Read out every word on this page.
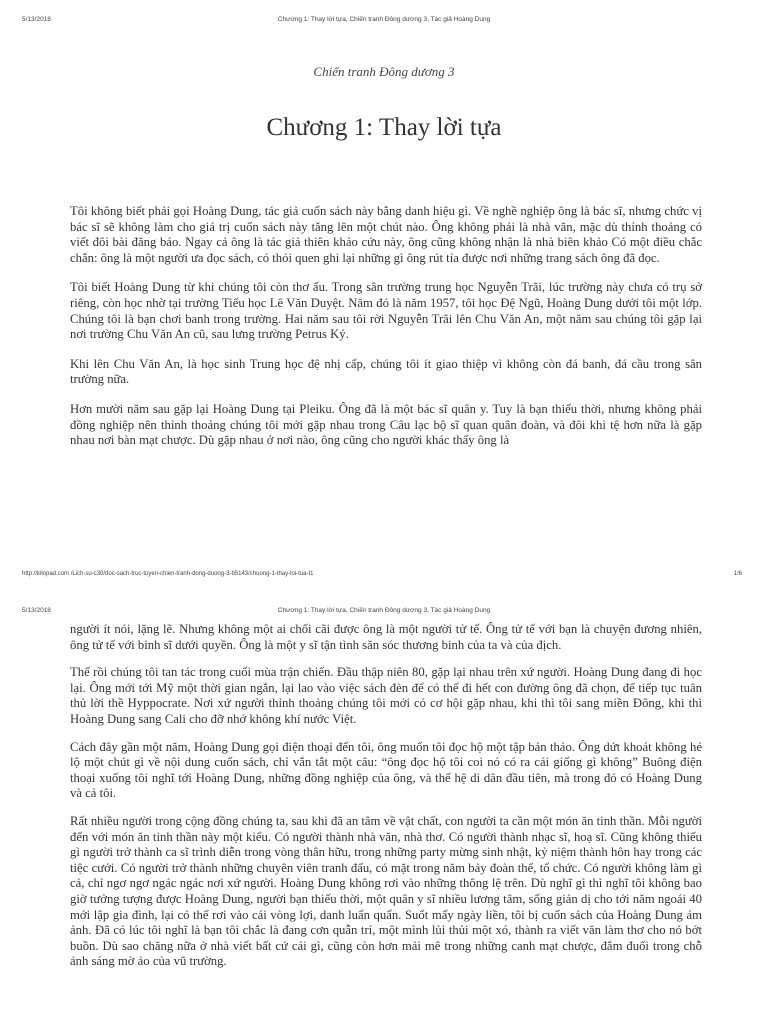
5/13/2018	Chương 1: Thay lời tựa, Chiến tranh Đông dương 3, Tác giả Hoàng Dung
Chiến tranh Đông dương 3
Chương 1: Thay lời tựa

Tôi không biết phải gọi Hoàng Dung, tác giả cuốn sách này bằng danh hiệu gì. Về nghề nghiệp ông là bác sĩ, nhưng chức vị bác sĩ sẽ không làm cho giá trị cuốn sách này tăng lên một chút nào. Ông không phải là nhà văn, mặc dù thỉnh thoảng có viết đôi bài đăng báo. Ngay cả ông là tác giả thiên khảo cứu này, ông cũng không nhận là nhà biên khảo Có một điều chắc chắn: ông là một người ưa đọc sách, có thói quen ghi lại những gì ông rút tỉa được nơi những trang sách ông đã đọc.

Tôi biết Hoàng Dung từ khi chúng tôi còn thơ ấu. Trong sân trường trung học Nguyễn Trãi, lúc trường này chưa có trụ sở riêng, còn học nhờ tại trường Tiểu học Lê Văn Duyệt. Năm đó là năm 1957, tôi học Đệ Ngũ, Hoàng Dung dưới tôi một lớp. Chúng tôi là bạn chơi banh trong trường. Hai năm sau tôi rời Nguyễn Trãi lên Chu Văn An, một năm sau chúng tôi gặp lại nơi trường Chu Văn An cũ, sau lưng trường Petrus Ký.

Khi lên Chu Văn An, là học sinh Trung học đệ nhị cấp, chúng tôi ít giao thiệp vì không còn đá banh, đá cầu trong sân trường nữa.

Hơn mười năm sau gặp lại Hoàng Dung tại Pleiku. Ông đã là một bác sĩ quân y. Tuy là bạn thiếu thời, nhưng không phải đồng nghiệp nên thỉnh thoảng chúng tôi mới gặp nhau trong Câu lạc bộ sĩ quan quân đoàn, và đôi khi tệ hơn nữa là gặp nhau nơi bàn mạt chược. Dù gặp nhau ở nơi nào, ông cũng cho người khác thấy ông là

http://kilopad.com /Lich-su-c30/doc-sach-truc-tuyen-chien-tranh-dong-duong-3-b5143/chuong-1-thay-loi-tua-t1	1/6
5/13/2018	Chương 1: Thay lời tựa, Chiến tranh Đông dương 3, Tác giả Hoàng Dung

người ít nói, lặng lẽ. Nhưng không một ai chối cãi được ông là một người tử tế. Ông tử tế với bạn là chuyện đương nhiên, ông tử tế với binh sĩ dưới quyền. Ông là một y sĩ tận tình săn sóc thương binh của ta và của địch.

Thế rồi chúng tôi tan tác trong cuối mùa trận chiến. Đầu thập niên 80, gặp lại nhau trên xứ người. Hoàng Dung đang đi học lại. Ông mới tới Mỹ một thời gian ngắn, lại lao vào việc sách đèn để có thể đi hết con đường ông đã chọn, để tiếp tục tuân thủ lời thề Hyppocrate. Nơi xứ người thỉnh thoảng chúng tôi mới có cơ hội gặp nhau, khi thì tôi sang miền Đông, khi thì Hoàng Dung sang Cali cho đỡ nhớ không khí nước Việt.

Cách đây gần một năm, Hoàng Dung gọi điện thoại đến tôi, ông muốn tôi đọc hộ một tập bản thảo. Ông dứt khoát không hé lộ một chút gì về nội dung cuốn sách, chỉ vắn tắt một câu: “ông đọc hộ tôi coi nó có ra cái giống gì không” Buông điện thoại xuống tôi nghĩ tới Hoàng Dung, những đồng nghiệp của ông, và thế hệ di dân đầu tiên, mà trong đó có Hoàng Dung và cả tôi.

Rất nhiều người trong cộng đồng chúng ta, sau khi đã an tâm về vật chất, con người ta cần một món ăn tinh thần. Mỗi người đến với món ăn tinh thần này một kiểu. Có người thành nhà văn, nhà thơ. Có người thành nhạc sĩ, hoạ sĩ. Cũng không thiếu gì người trở thành ca sĩ trình diễn trong vòng thân hữu, trong những party mừng sinh nhật, kỷ niệm thành hôn hay trong các tiệc cưới. Có người trở thành những chuyên viên tranh đấu, có mặt trong năm bảy đoàn thể, tổ chức. Có người không làm gì cả, chỉ ngơ ngơ ngác ngác nơi xứ người. Hoàng Dung không rơi vào những thông lệ trên. Dù nghĩ gì thì nghĩ tôi không bao giờ tưởng tượng được Hoàng Dung, người bạn thiếu thời, một quân y sĩ nhiều lương tâm, sống giản dị cho tới năm ngoái 40 mới lập gia đình, lại có thể rơi vào cái vòng lợi, danh luẩn quẩn. Suốt mấy ngày liền, tôi bị cuốn sách của Hoàng Dung ám ảnh. Đã có lúc tôi nghĩ là bạn tôi chắc là đang cơn quẫn trí, một mình lủi thủi một xó, thành ra viết văn làm thơ cho nó bớt buồn. Dù sao chăng nữa ở nhà viết bất cứ cái gì, cũng còn hơn mải mê trong những canh mạt chược, đắm đuối trong chỗ ánh sáng mờ ảo của vũ trường.
